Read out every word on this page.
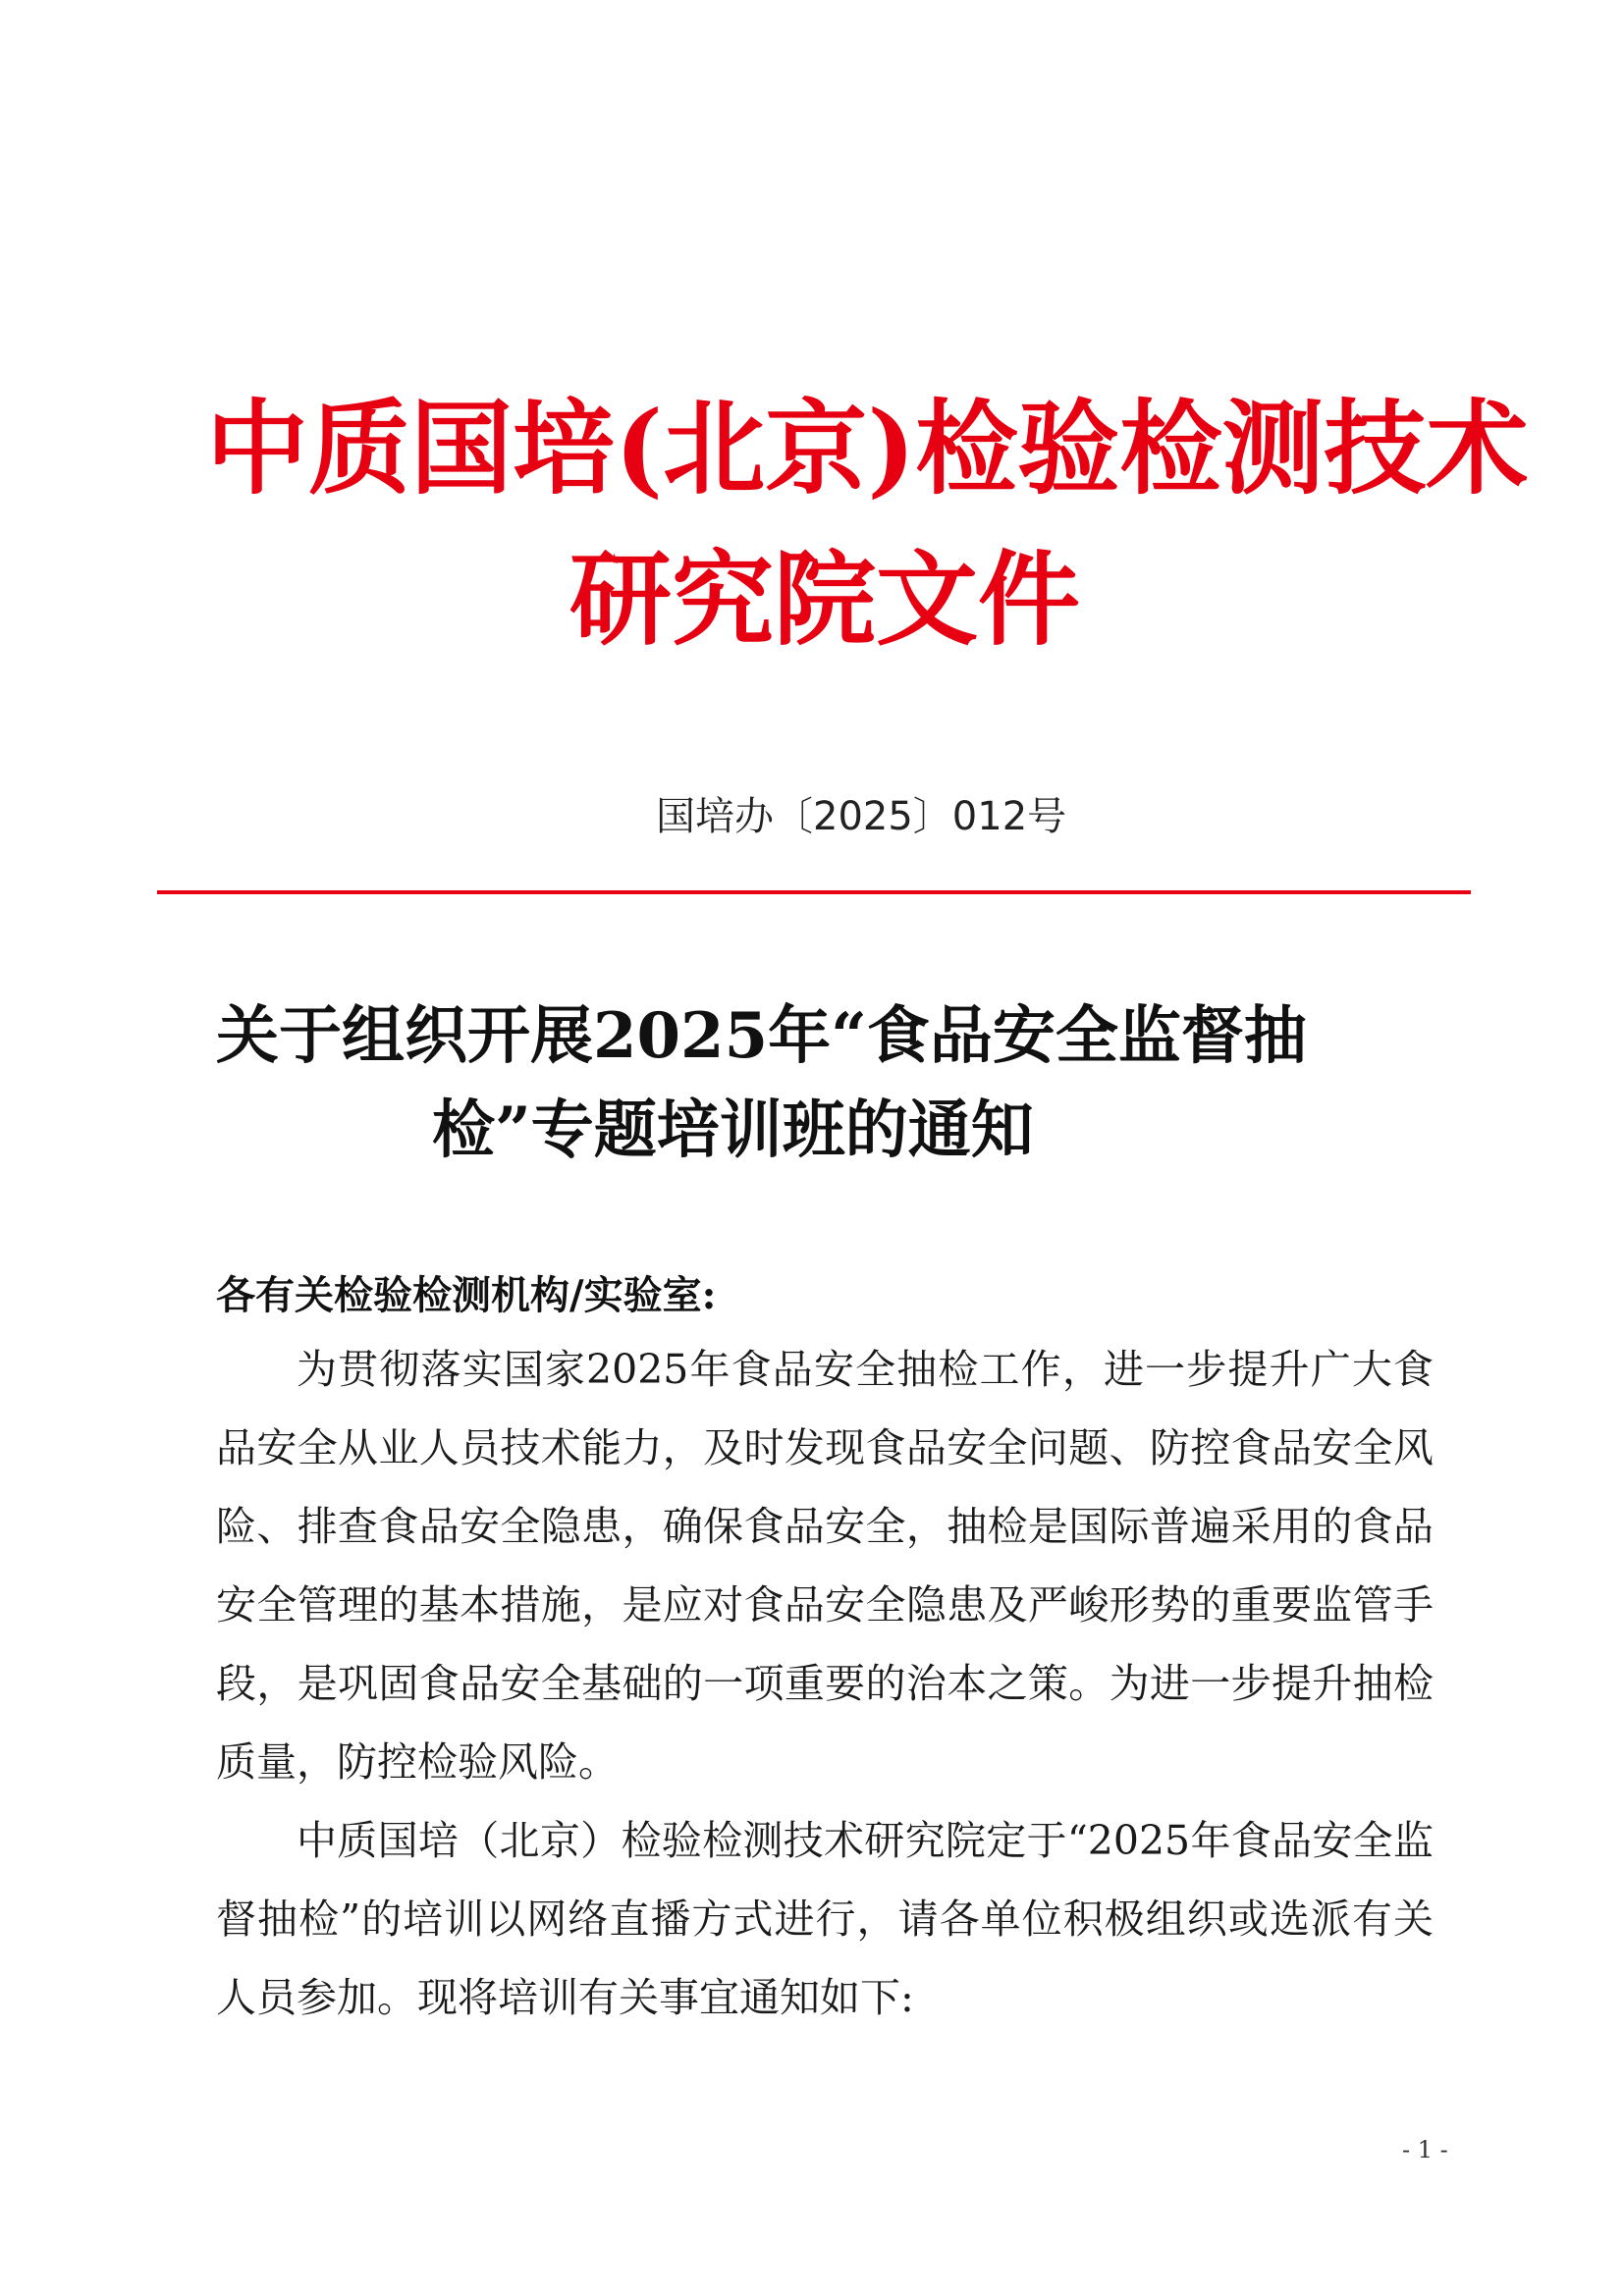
中质国培(北京)检验检测技术
研究院文件
国培办〔2025〕012号
关于组织开展2025年“食品安全监督抽
检”专题培训班的通知
各有关检验检测机构/实验室:

为贯彻落实国家2025年食品安全抽检工作，进一步提升广大食品安全从业人员技术能力，及时发现食品安全问题、防控食品安全风险、排查食品安全隐患，确保食品安全，抽检是国际普遍采用的食品安全管理的基本措施，是应对食品安全隐患及严峻形势的重要监管手段，是巩固食品安全基础的一项重要的治本之策。为进一步提升抽检质量，防控检验风险。

中质国培（北京）检验检测技术研究院定于“2025年食品安全监督抽检”的培训以网络直播方式进行，请各单位积极组织或选派有关人员参加。现将培训有关事宜通知如下:

- 1 -
